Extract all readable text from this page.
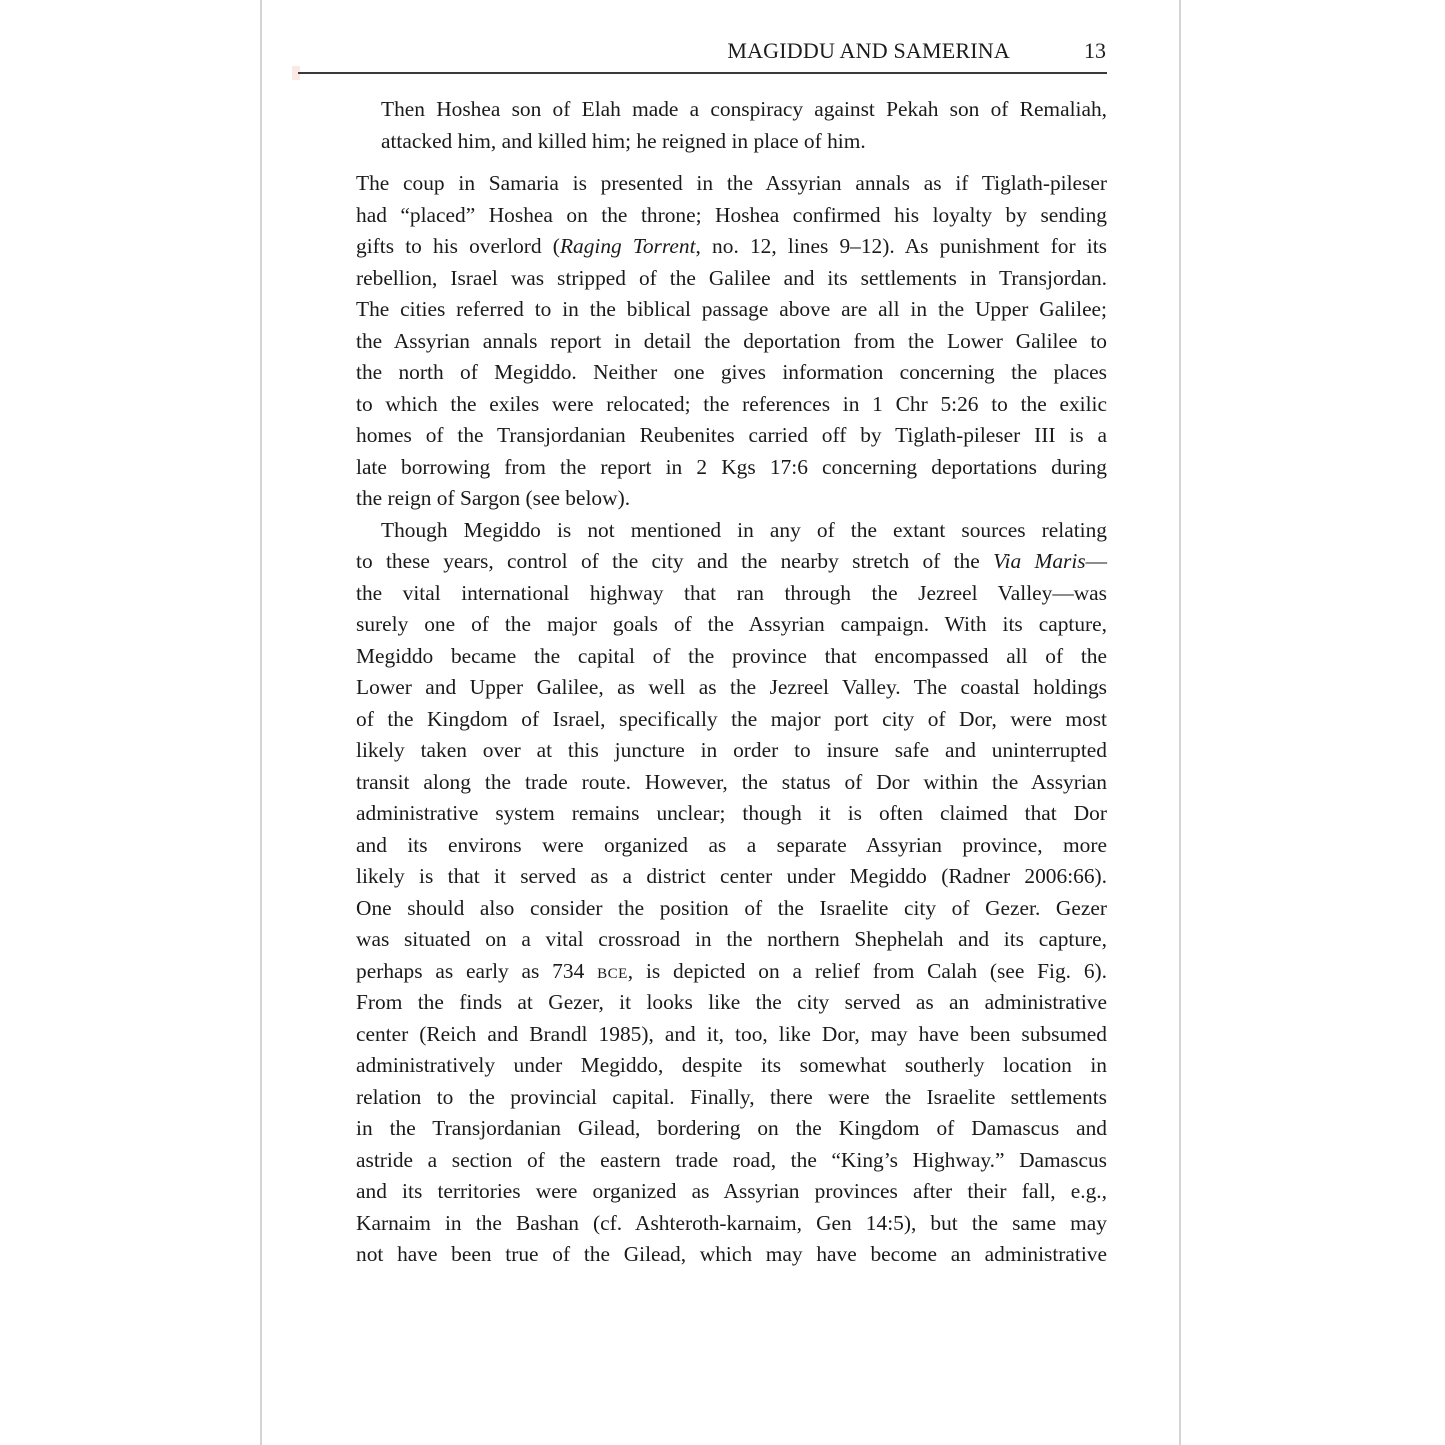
MAGIDDU AND SAMERINA	13
Then Hoshea son of Elah made a conspiracy against Pekah son of Remaliah,
attacked him, and killed him; he reigned in place of him.
The coup in Samaria is presented in the Assyrian annals as if Tiglath-pileser
had “placed” Hoshea on the throne; Hoshea confirmed his loyalty by sending
gifts to his overlord (Raging Torrent, no. 12, lines 9–12). As punishment for its
rebellion, Israel was stripped of the Galilee and its settlements in Transjordan.
The cities referred to in the biblical passage above are all in the Upper Galilee;
the Assyrian annals report in detail the deportation from the Lower Galilee to
the north of Megiddo. Neither one gives information concerning the places
to which the exiles were relocated; the references in 1 Chr 5:26 to the exilic
homes of the Transjordanian Reubenites carried off by Tiglath-pileser III is a
late borrowing from the report in 2 Kgs 17:6 concerning deportations during
the reign of Sargon (see below).
Though Megiddo is not mentioned in any of the extant sources relating
to these years, control of the city and the nearby stretch of the Via Maris—
the vital international highway that ran through the Jezreel Valley—was
surely one of the major goals of the Assyrian campaign. With its capture,
Megiddo became the capital of the province that encompassed all of the
Lower and Upper Galilee, as well as the Jezreel Valley. The coastal holdings
of the Kingdom of Israel, specifically the major port city of Dor, were most
likely taken over at this juncture in order to insure safe and uninterrupted
transit along the trade route. However, the status of Dor within the Assyrian
administrative system remains unclear; though it is often claimed that Dor
and its environs were organized as a separate Assyrian province, more
likely is that it served as a district center under Megiddo (Radner 2006:66).
One should also consider the position of the Israelite city of Gezer. Gezer
was situated on a vital crossroad in the northern Shephelah and its capture,
perhaps as early as 734 BCE, is depicted on a relief from Calah (see Fig. 6).
From the finds at Gezer, it looks like the city served as an administrative
center (Reich and Brandl 1985), and it, too, like Dor, may have been subsumed
administratively under Megiddo, despite its somewhat southerly location in
relation to the provincial capital. Finally, there were the Israelite settlements
in the Transjordanian Gilead, bordering on the Kingdom of Damascus and
astride a section of the eastern trade road, the “King’s Highway.” Damascus
and its territories were organized as Assyrian provinces after their fall, e.g.,
Karnaim in the Bashan (cf. Ashteroth-karnaim, Gen 14:5), but the same may
not have been true of the Gilead, which may have become an administrative
